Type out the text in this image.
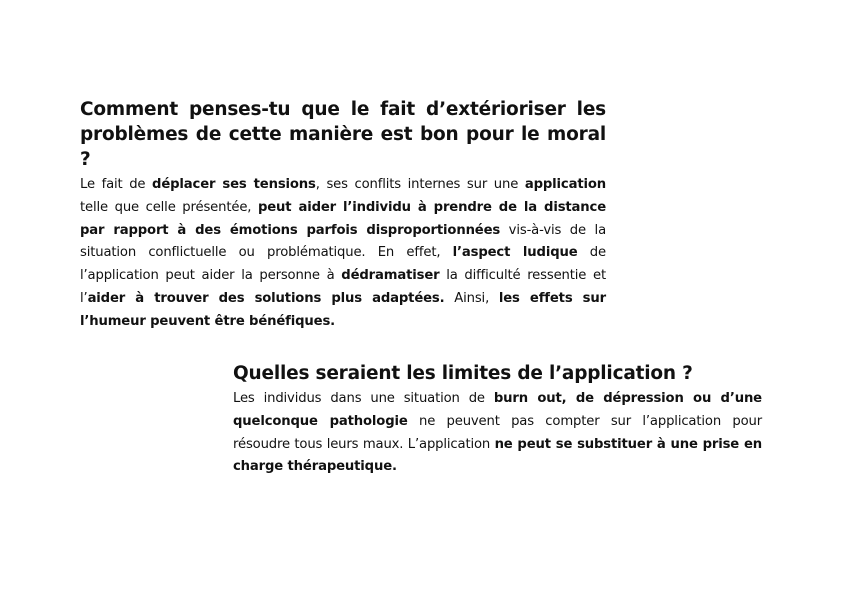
Comment penses-tu que le fait d’extérioriser les problèmes de cette manière est bon pour le moral ?

Le fait de déplacer ses tensions, ses conflits internes sur une application telle que celle présentée, peut aider l’individu à prendre de la distance par rapport à des émotions parfois disproportionnées vis-à-vis de la situation conflictuelle ou problématique. En effet, l’aspect ludique de l’application peut aider la personne à dédramatiser la difficulté ressentie et l’aider à trouver des solutions plus adaptées. Ainsi, les effets sur l’humeur peuvent être bénéfiques.

Quelles seraient les limites de l’application ?

Les individus dans une situation de burn out, de dépression ou d’une quelconque pathologie ne peuvent pas compter sur l’application pour résoudre tous leurs maux. L’application ne peut se substituer à une prise en charge thérapeutique.
